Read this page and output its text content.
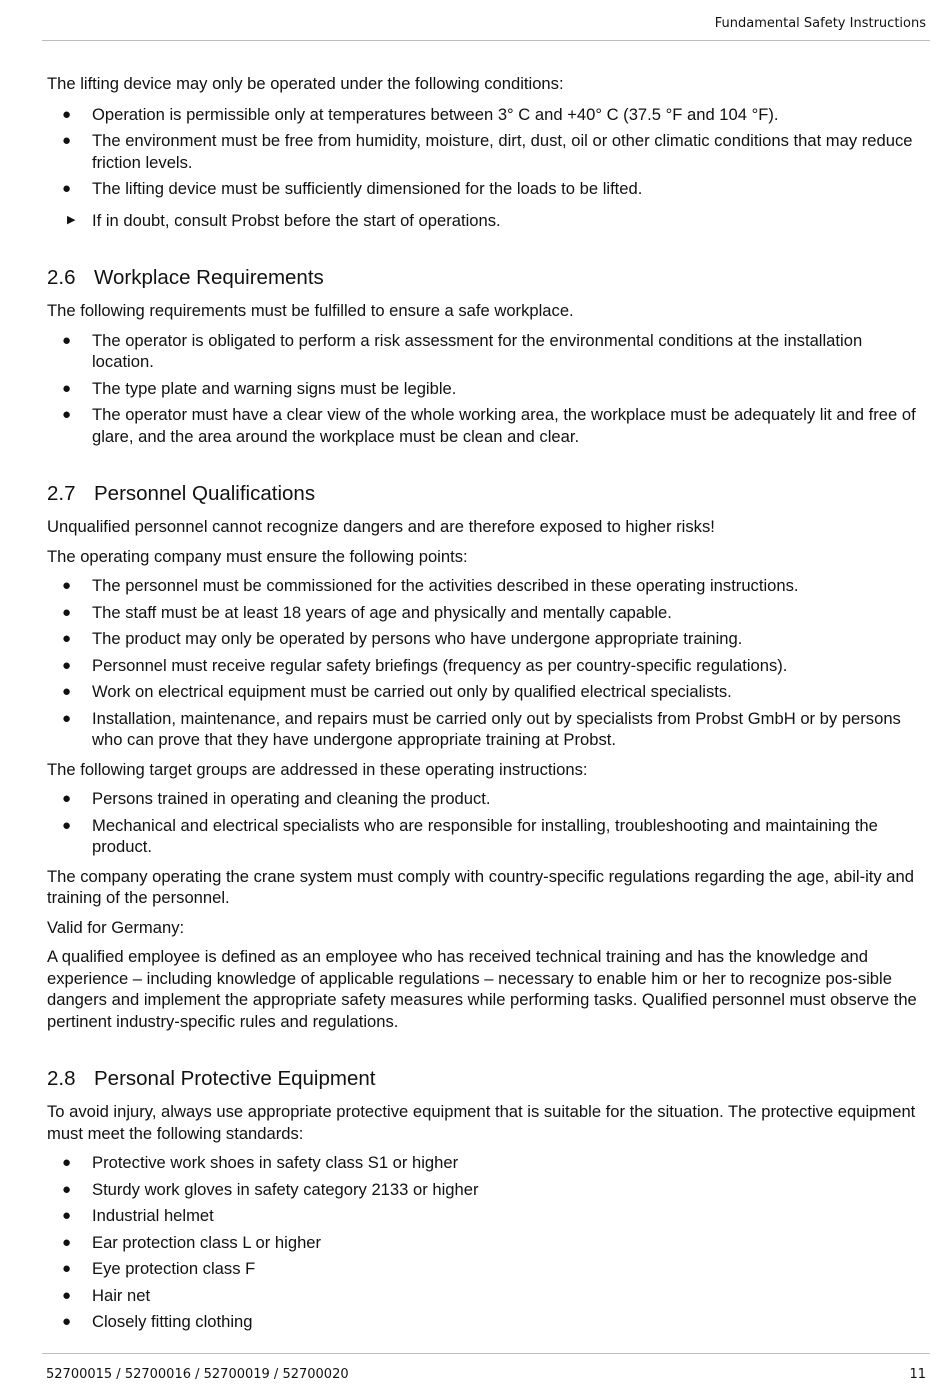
Fundamental Safety Instructions

The lifting device may only be operated under the following conditions:

● Operation is permissible only at temperatures between 3° C and +40° C (37.5 °F and 104 °F).
● The environment must be free from humidity, moisture, dirt, dust, oil or other climatic conditions that may reduce friction levels.
● The lifting device must be sufficiently dimensioned for the loads to be lifted.
▶ If in doubt, consult Probst before the start of operations.
2.6 Workplace Requirements

The following requirements must be fulfilled to ensure a safe workplace.

● The operator is obligated to perform a risk assessment for the environmental conditions at the installation location.
● The type plate and warning signs must be legible.
● The operator must have a clear view of the whole working area, the workplace must be adequately lit and free of glare, and the area around the workplace must be clean and clear.
2.7 Personnel Qualifications

Unqualified personnel cannot recognize dangers and are therefore exposed to higher risks!

The operating company must ensure the following points:

● The personnel must be commissioned for the activities described in these operating instructions.
● The staff must be at least 18 years of age and physically and mentally capable.
● The product may only be operated by persons who have undergone appropriate training.
● Personnel must receive regular safety briefings (frequency as per country-specific regulations).
● Work on electrical equipment must be carried out only by qualified electrical specialists.
● Installation, maintenance, and repairs must be carried only out by specialists from Probst GmbH or by persons who can prove that they have undergone appropriate training at Probst.

The following target groups are addressed in these operating instructions:

● Persons trained in operating and cleaning the product.
● Mechanical and electrical specialists who are responsible for installing, troubleshooting and maintaining the product.

The company operating the crane system must comply with country-specific regulations regarding the age, abil-ity and training of the personnel.

Valid for Germany:

A qualified employee is defined as an employee who has received technical training and has the knowledge and experience – including knowledge of applicable regulations – necessary to enable him or her to recognize pos-sible dangers and implement the appropriate safety measures while performing tasks. Qualified personnel must observe the pertinent industry-specific rules and regulations.

2.8 Personal Protective Equipment

To avoid injury, always use appropriate protective equipment that is suitable for the situation. The protective equipment must meet the following standards:

● Protective work shoes in safety class S1 or higher
● Sturdy work gloves in safety category 2133 or higher
● Industrial helmet
● Ear protection class L or higher
● Eye protection class F
● Hair net
● Closely fitting clothing
52700015 / 52700016 / 52700019 / 52700020	11
